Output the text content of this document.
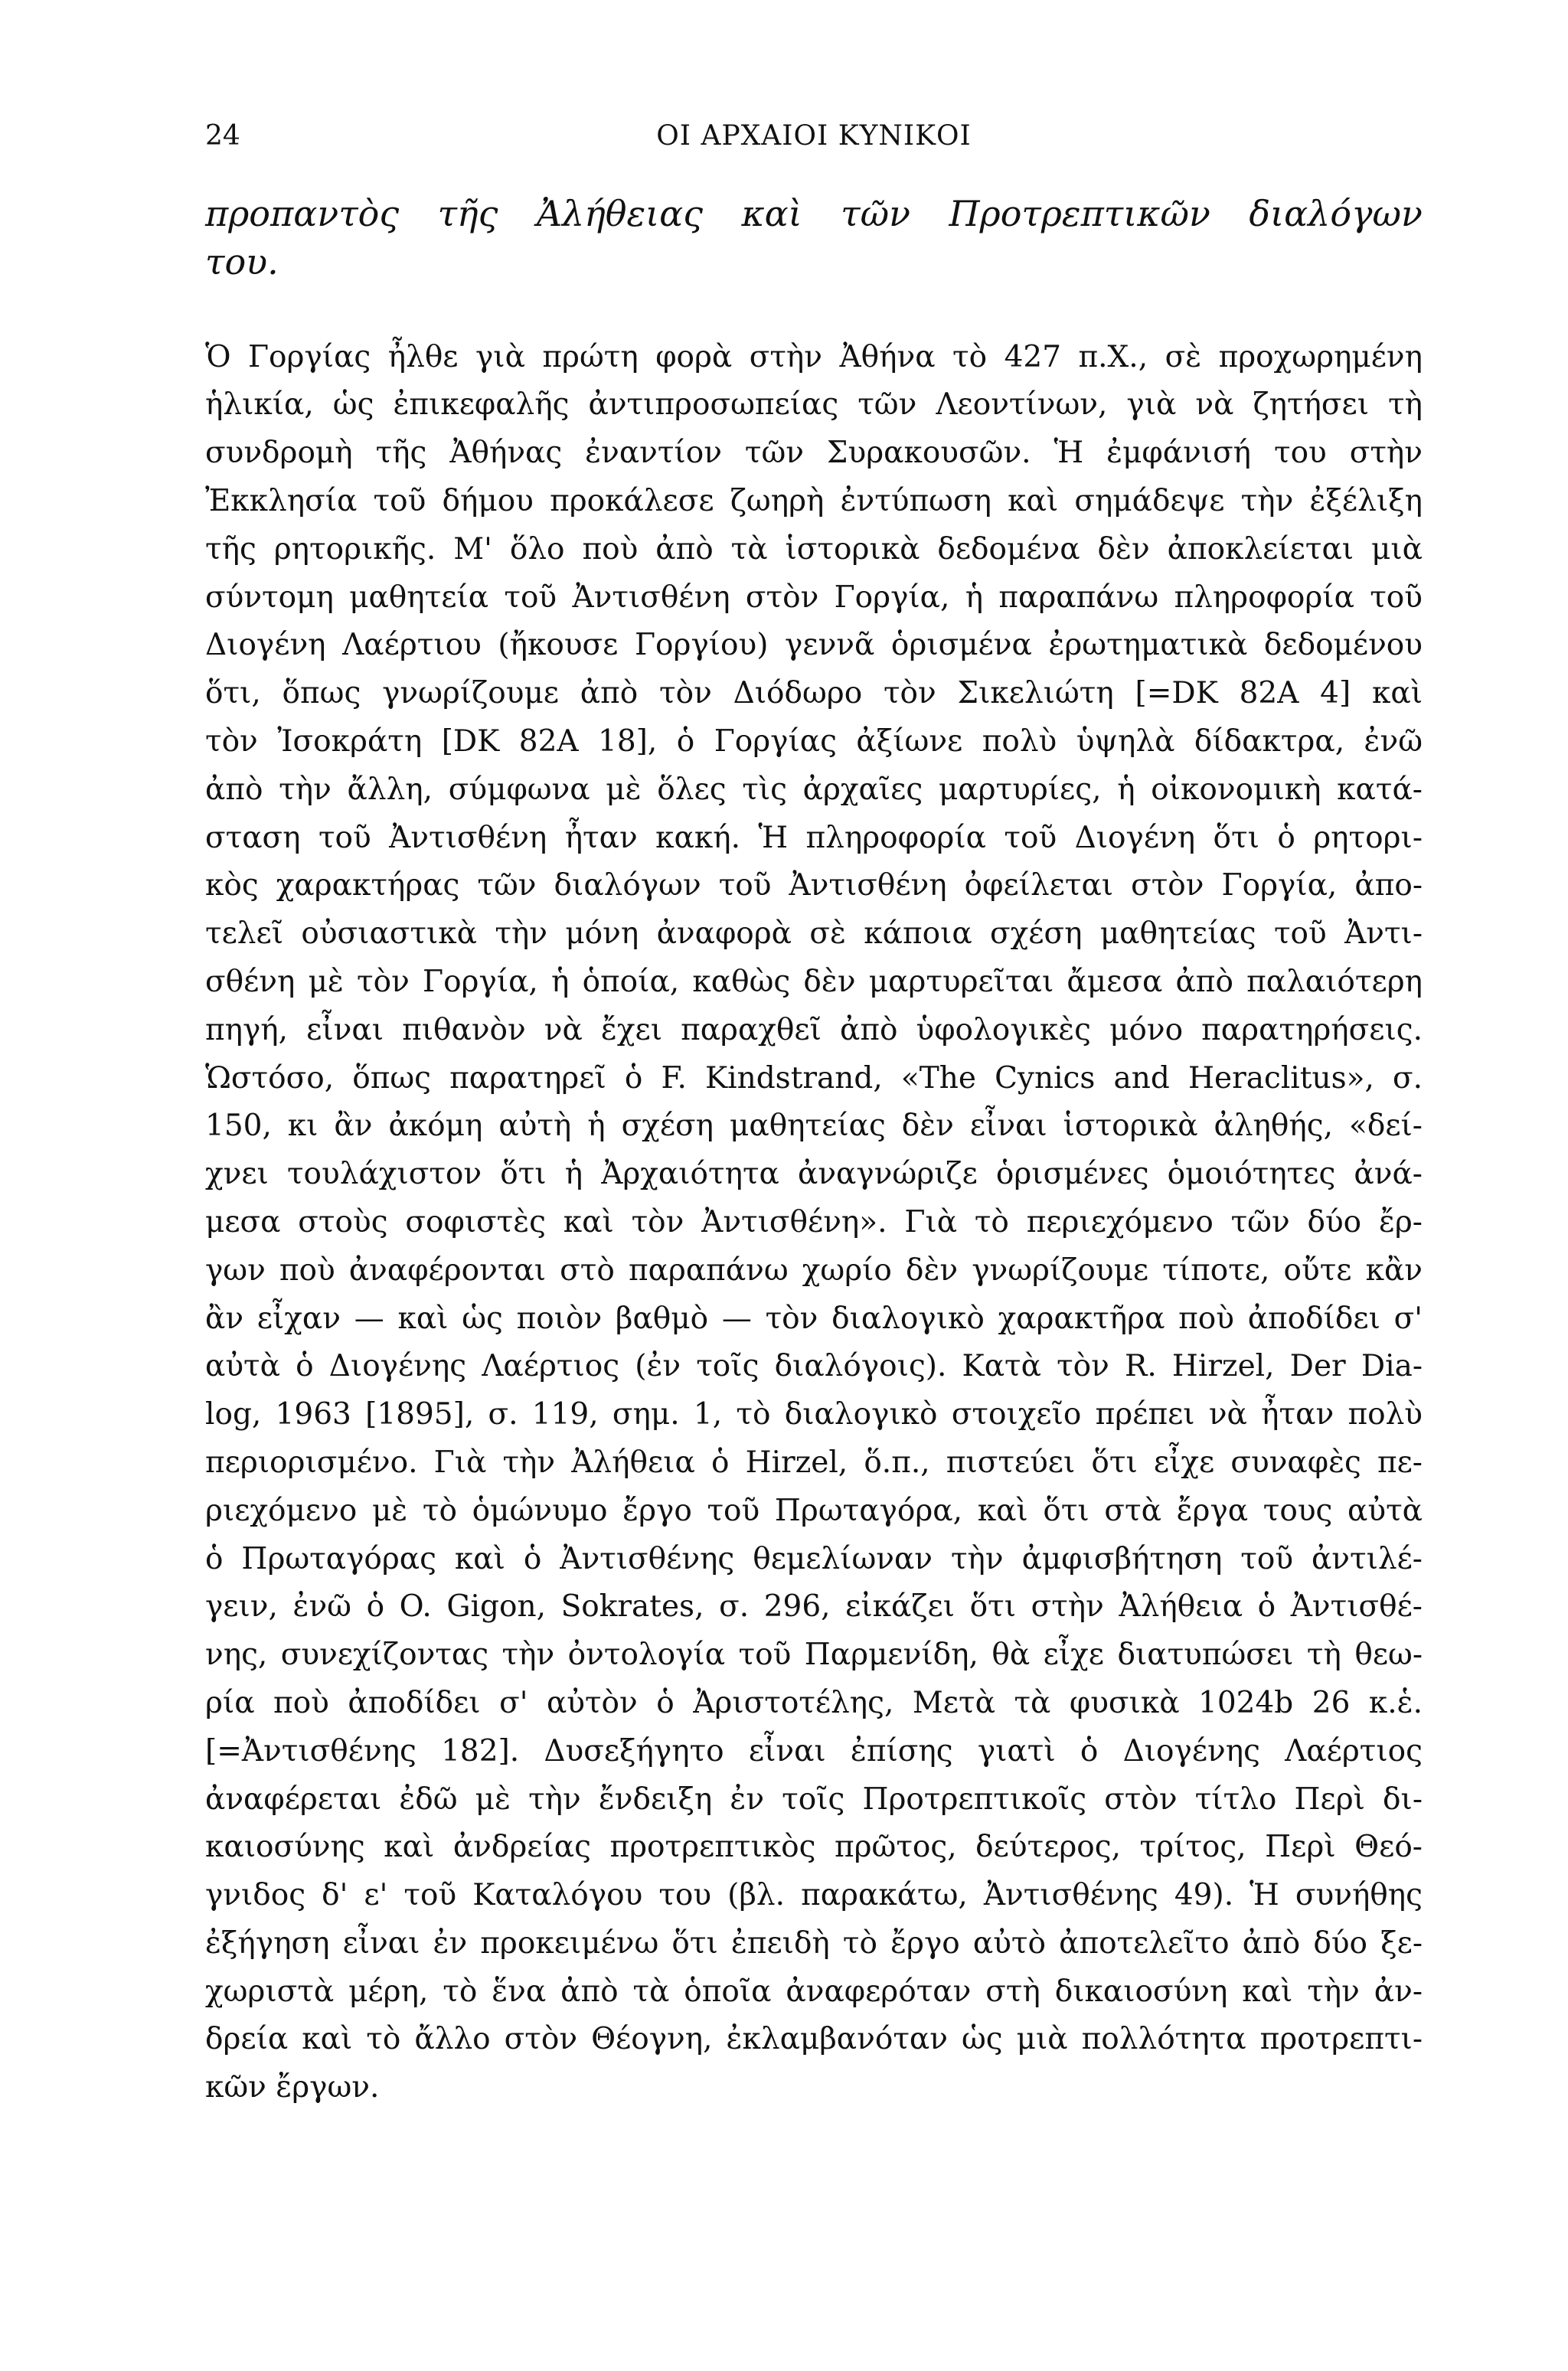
24	ΟΙ ΑΡΧΑΙΟΙ ΚΥΝΙΚΟΙ
προπαντὸς τῆς Ἀλήθειας καὶ τῶν Προτρεπτικῶν διαλόγων
του.
Ὁ Γοργίας ἦλθε γιὰ πρώτη φορὰ στὴν Ἀθήνα τὸ 427 π.Χ., σὲ προχωρημένη
ἡλικία, ὡς ἐπικεφαλῆς ἀντιπροσωπείας τῶν Λεοντίνων, γιὰ νὰ ζητήσει τὴ
συνδρομὴ τῆς Ἀθήνας ἐναντίον τῶν Συρακουσῶν. Ἡ ἐμφάνισή του στὴν
Ἐκκλησία τοῦ δήμου προκάλεσε ζωηρὴ ἐντύπωση καὶ σημάδεψε τὴν ἐξέλιξη
τῆς ρητορικῆς. Μ' ὅλο ποὺ ἀπὸ τὰ ἱστορικὰ δεδομένα δὲν ἀποκλείεται μιὰ
σύντομη μαθητεία τοῦ Ἀντισθένη στὸν Γοργία, ἡ παραπάνω πληροφορία τοῦ
Διογένη Λαέρτιου (ἤκουσε Γοργίου) γεννᾶ ὁρισμένα ἐρωτηματικὰ δεδομένου
ὅτι, ὅπως γνωρίζουμε ἀπὸ τὸν Διόδωρο τὸν Σικελιώτη [=DK 82A 4] καὶ
τὸν Ἰσοκράτη [DK 82A 18], ὁ Γοργίας ἀξίωνε πολὺ ὑψηλὰ δίδακτρα, ἐνῶ
ἀπὸ τὴν ἄλλη, σύμφωνα μὲ ὅλες τὶς ἀρχαῖες μαρτυρίες, ἡ οἰκονομικὴ κατά-
σταση τοῦ Ἀντισθένη ἦταν κακή. Ἡ πληροφορία τοῦ Διογένη ὅτι ὁ ρητορι-
κὸς χαρακτήρας τῶν διαλόγων τοῦ Ἀντισθένη ὀφείλεται στὸν Γοργία, ἀπο-
τελεῖ οὐσιαστικὰ τὴν μόνη ἀναφορὰ σὲ κάποια σχέση μαθητείας τοῦ Ἀντι-
σθένη μὲ τὸν Γοργία, ἡ ὁποία, καθὼς δὲν μαρτυρεῖται ἄμεσα ἀπὸ παλαιότερη
πηγή, εἶναι πιθανὸν νὰ ἔχει παραχθεῖ ἀπὸ ὑφολογικὲς μόνο παρατηρήσεις.
Ὡστόσο, ὅπως παρατηρεῖ ὁ F. Kindstrand, «The Cynics and Heraclitus», σ.
150, κι ἂν ἀκόμη αὐτὴ ἡ σχέση μαθητείας δὲν εἶναι ἱστορικὰ ἀληθής, «δεί-
χνει τουλάχιστον ὅτι ἡ Ἀρχαιότητα ἀναγνώριζε ὁρισμένες ὁμοιότητες ἀνά-
μεσα στοὺς σοφιστὲς καὶ τὸν Ἀντισθένη». Γιὰ τὸ περιεχόμενο τῶν δύο ἔρ-
γων ποὺ ἀναφέρονται στὸ παραπάνω χωρίο δὲν γνωρίζουμε τίποτε, οὔτε κἂν
ἂν εἶχαν — καὶ ὡς ποιὸν βαθμὸ — τὸν διαλογικὸ χαρακτῆρα ποὺ ἀποδίδει σ'
αὐτὰ ὁ Διογένης Λαέρτιος (ἐν τοῖς διαλόγοις). Κατὰ τὸν R. Hirzel, Der Dia-
log, 1963 [1895], σ. 119, σημ. 1, τὸ διαλογικὸ στοιχεῖο πρέπει νὰ ἦταν πολὺ
περιορισμένο. Γιὰ τὴν Ἀλήθεια ὁ Hirzel, ὅ.π., πιστεύει ὅτι εἶχε συναφὲς πε-
ριεχόμενο μὲ τὸ ὁμώνυμο ἔργο τοῦ Πρωταγόρα, καὶ ὅτι στὰ ἔργα τους αὐτὰ
ὁ Πρωταγόρας καὶ ὁ Ἀντισθένης θεμελίωναν τὴν ἀμφισβήτηση τοῦ ἀντιλέ-
γειν, ἐνῶ ὁ O. Gigon, Sokrates, σ. 296, εἰκάζει ὅτι στὴν Ἀλήθεια ὁ Ἀντισθέ-
νης, συνεχίζοντας τὴν ὀντολογία τοῦ Παρμενίδη, θὰ εἶχε διατυπώσει τὴ θεω-
ρία ποὺ ἀποδίδει σ' αὐτὸν ὁ Ἀριστοτέλης, Μετὰ τὰ φυσικὰ 1024b 26 κ.ἑ.
[=Ἀντισθένης 182]. Δυσεξήγητο εἶναι ἐπίσης γιατὶ ὁ Διογένης Λαέρτιος
ἀναφέρεται ἐδῶ μὲ τὴν ἔνδειξη ἐν τοῖς Προτρεπτικοῖς στὸν τίτλο Περὶ δι-
καιοσύνης καὶ ἀνδρείας προτρεπτικὸς πρῶτος, δεύτερος, τρίτος, Περὶ Θεό-
γνιδος δ' ε' τοῦ Καταλόγου του (βλ. παρακάτω, Ἀντισθένης 49). Ἡ συνήθης
ἐξήγηση εἶναι ἐν προκειμένω ὅτι ἐπειδὴ τὸ ἔργο αὐτὸ ἀποτελεῖτο ἀπὸ δύο ξε-
χωριστὰ μέρη, τὸ ἕνα ἀπὸ τὰ ὁποῖα ἀναφερόταν στὴ δικαιοσύνη καὶ τὴν ἀν-
δρεία καὶ τὸ ἄλλο στὸν Θέογνη, ἐκλαμβανόταν ὡς μιὰ πολλότητα προτρεπτι-
κῶν ἔργων.
